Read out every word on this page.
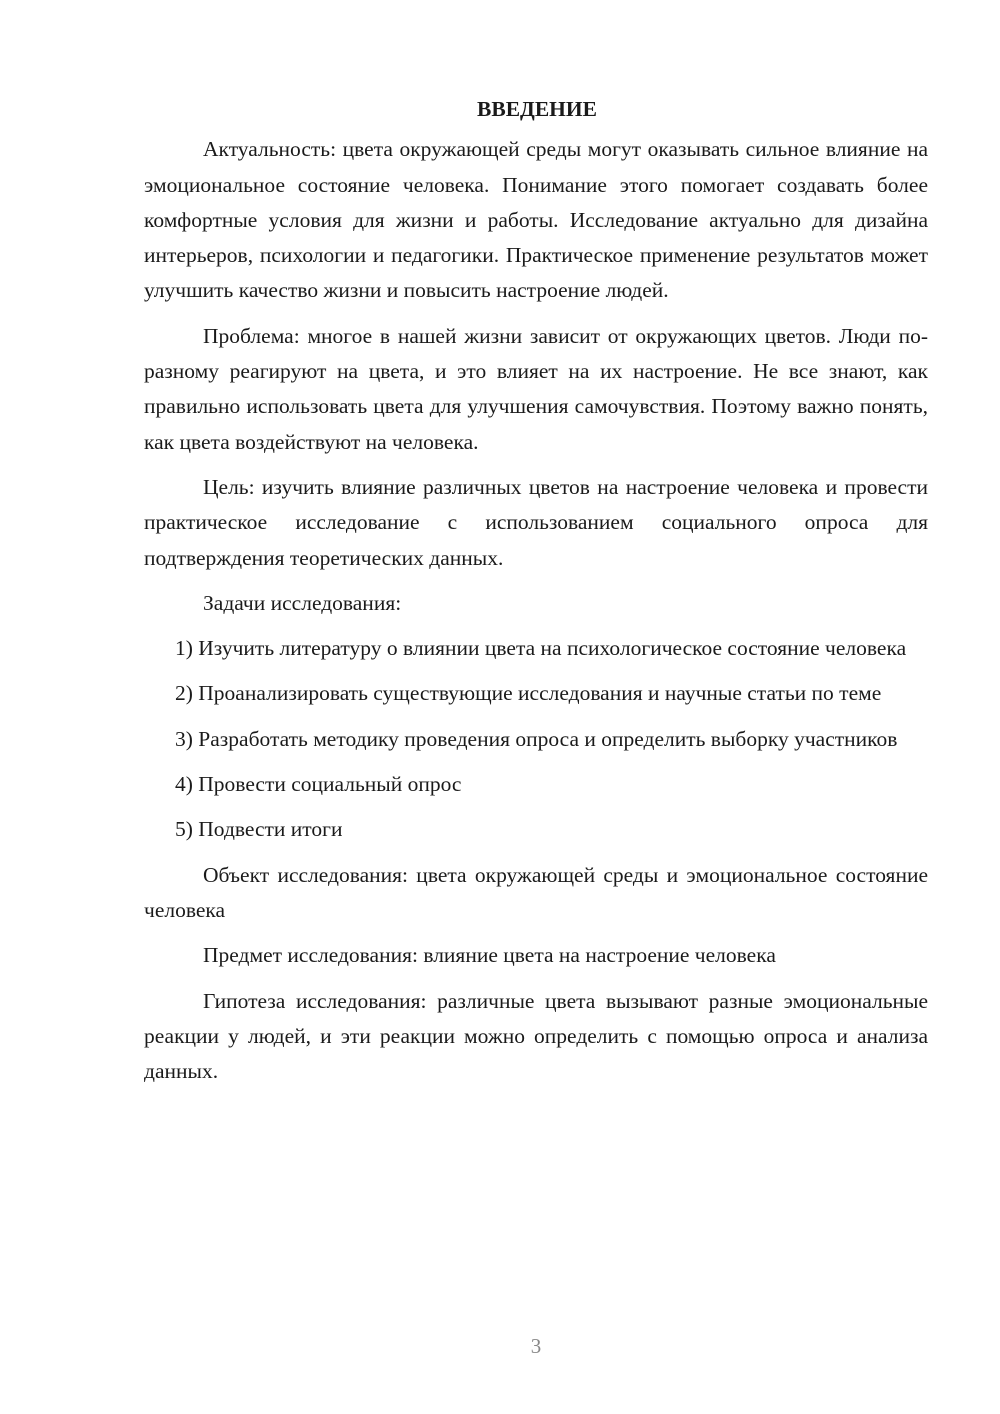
ВВЕДЕНИЕ

Актуальность: цвета окружающей среды могут оказывать сильное влияние на эмоциональное состояние человека. Понимание этого помогает создавать более комфортные условия для жизни и работы. Исследование актуально для дизайна интерьеров, психологии и педагогики. Практическое применение результатов может улучшить качество жизни и повысить настроение людей.

Проблема: многое в нашей жизни зависит от окружающих цветов. Люди по-разному реагируют на цвета, и это влияет на их настроение. Не все знают, как правильно использовать цвета для улучшения самочувствия. Поэтому важно понять, как цвета воздействуют на человека.

Цель: изучить влияние различных цветов на настроение человека и провести практическое исследование с использованием социального опроса для подтверждения теоретических данных.

Задачи исследования:

1) Изучить литературу о влиянии цвета на психологическое состояние человека

2) Проанализировать существующие исследования и научные статьи по теме

3) Разработать методику проведения опроса и определить выборку участников

4) Провести социальный опрос

5) Подвести итоги

Объект исследования: цвета окружающей среды и эмоциональное состояние человека

Предмет исследования: влияние цвета на настроение человека

Гипотеза исследования: различные цвета вызывают разные эмоциональные реакции у людей, и эти реакции можно определить с помощью опроса и анализа данных.

3
